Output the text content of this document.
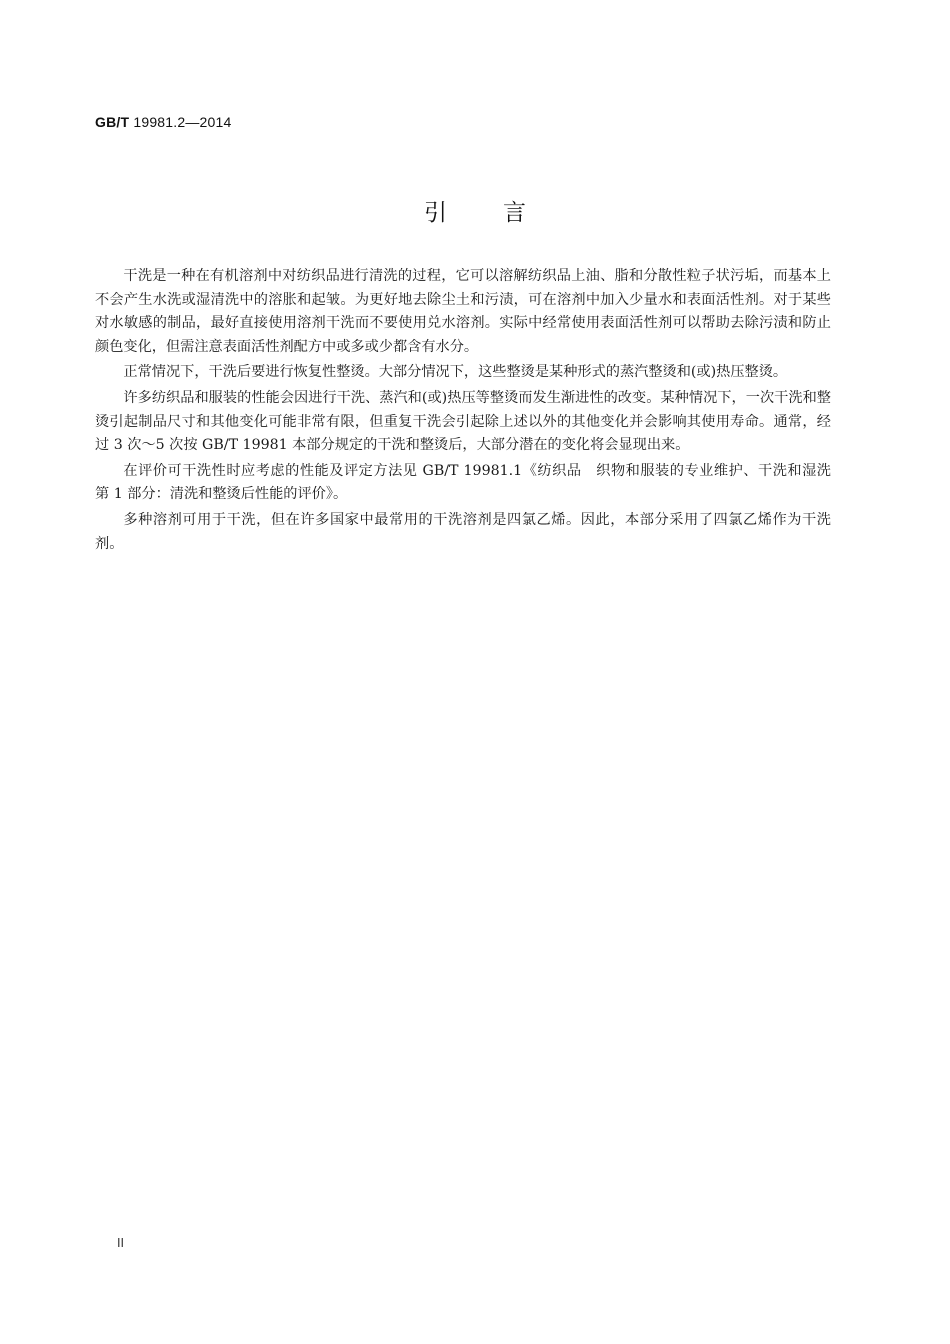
GB/T 19981.2—2014
引言

干洗是一种在有机溶剂中对纺织品进行清洗的过程，它可以溶解纺织品上油、脂和分散性粒子状污垢，而基本上不会产生水洗或湿清洗中的溶胀和起皱。为更好地去除尘土和污渍，可在溶剂中加入少量水和表面活性剂。对于某些对水敏感的制品，最好直接使用溶剂干洗而不要使用兑水溶剂。实际中经常使用表面活性剂可以帮助去除污渍和防止颜色变化，但需注意表面活性剂配方中或多或少都含有水分。

正常情况下，干洗后要进行恢复性整烫。大部分情况下，这些整烫是某种形式的蒸汽整烫和(或)热压整烫。

许多纺织品和服装的性能会因进行干洗、蒸汽和(或)热压等整烫而发生渐进性的改变。某种情况下，一次干洗和整烫引起制品尺寸和其他变化可能非常有限，但重复干洗会引起除上述以外的其他变化并会影响其使用寿命。通常，经过 3 次～5 次按 GB/T 19981 本部分规定的干洗和整烫后，大部分潜在的变化将会显现出来。

在评价可干洗性时应考虑的性能及评定方法见 GB/T 19981.1《纺织品　织物和服装的专业维护、干洗和湿洗　第 1 部分：清洗和整烫后性能的评价》。

多种溶剂可用于干洗，但在许多国家中最常用的干洗溶剂是四氯乙烯。因此，本部分采用了四氯乙烯作为干洗剂。

II
